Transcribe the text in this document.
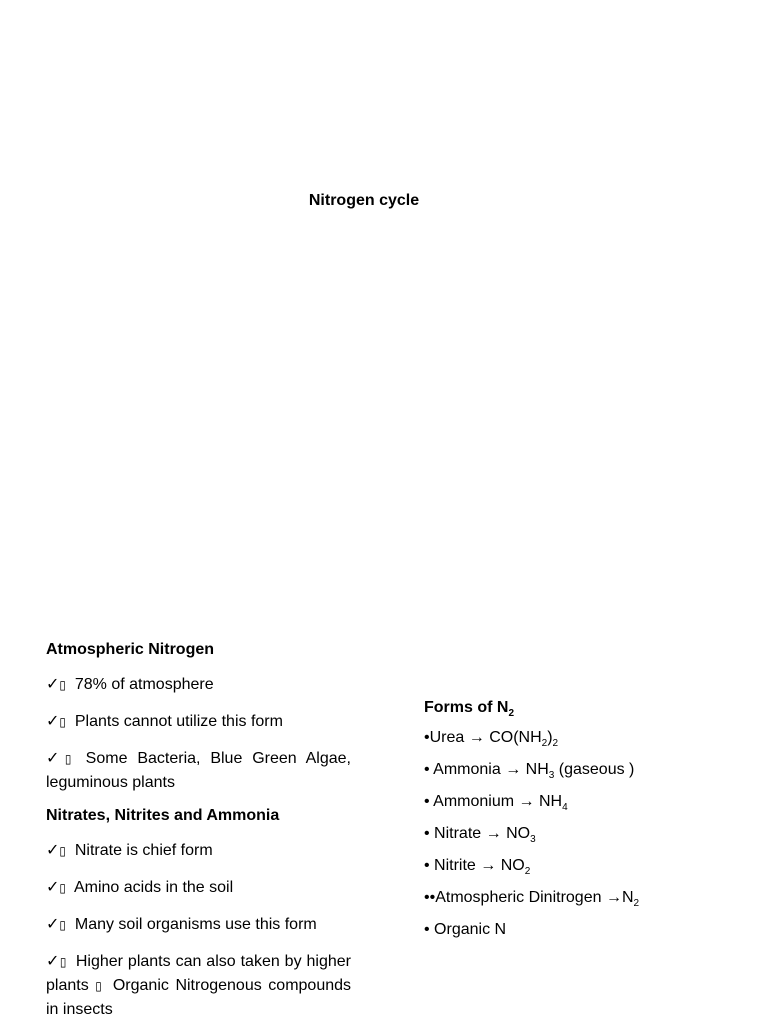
Nitrogen cycle
Atmospheric Nitrogen
✓▯ 78% of atmosphere
✓▯ Plants cannot utilize this form
✓▯ Some Bacteria, Blue Green Algae, leguminous plants
Nitrates, Nitrites and Ammonia
✓▯ Nitrate is chief form
✓▯ Amino acids in the soil
✓▯ Many soil organisms use this form
✓▯ Higher plants can also taken by higher plants ▯ Organic Nitrogenous compounds in insects
Forms of $N_2$
•Urea → $CO(NH_2)_2$
• Ammonia → $NH_3$ (gaseous )
• Ammonium → $NH_4$
• Nitrate → $NO_3$
• Nitrite → $NO_2$
••Atmospheric Dinitrogen $\to N_2$
• Organic N
